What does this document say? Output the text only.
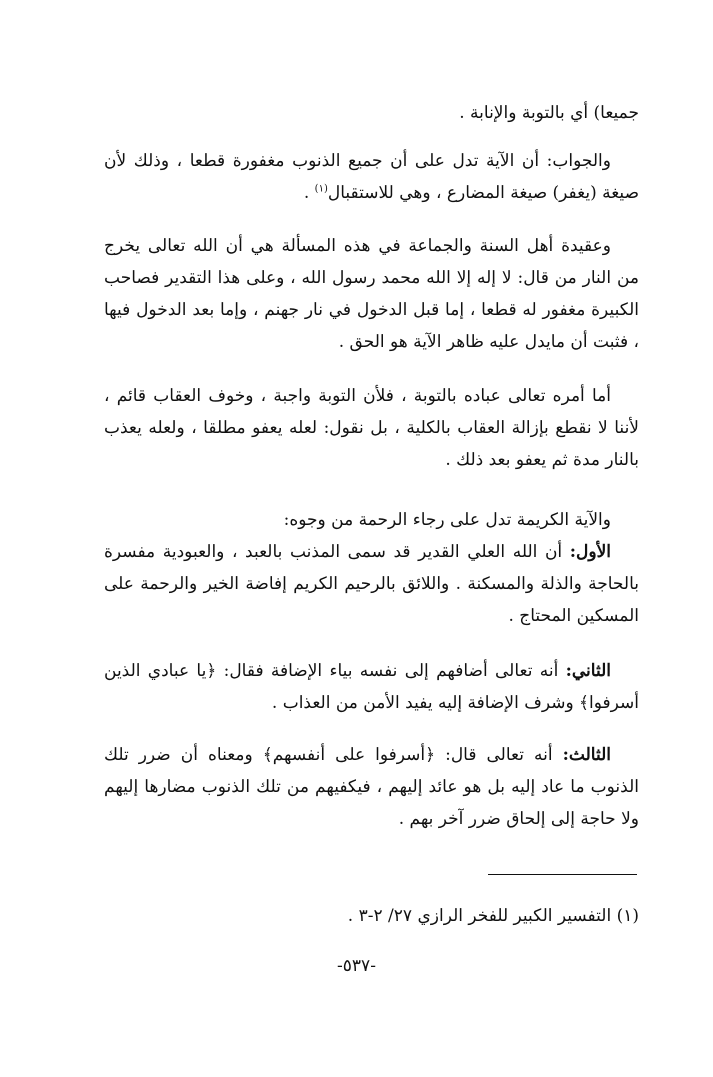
جميعا) أي بالتوبة والإنابة .

والجواب: أن الآية تدل على أن جميع الذنوب مغفورة قطعا ، وذلك لأن صيغة (يغفر) صيغة المضارع ، وهي للاستقبال$^{(١)}$ .

وعقيدة أهل السنة والجماعة في هذه المسألة هي أن الله تعالى يخرج من النار من قال: لا إله إلا الله محمد رسول الله ، وعلى هذا التقدير فصاحب الكبيرة مغفور له قطعا ، إما قبل الدخول في نار جهنم ، وإما بعد الدخول فيها ، فثبت أن مايدل عليه ظاهر الآية هو الحق .

أما أمره تعالى عباده بالتوبة ، فلأن التوبة واجبة ، وخوف العقاب قائم ، لأننا لا نقطع بإزالة العقاب بالكلية ، بل نقول: لعله يعفو مطلقا ، ولعله يعذب بالنار مدة ثم يعفو بعد ذلك .

والآية الكريمة تدل على رجاء الرحمة من وجوه:

الأول: أن الله العلي القدير قد سمى المذنب بالعبد ، والعبودية مفسرة بالحاجة والذلة والمسكنة . واللائق بالرحيم الكريم إفاضة الخير والرحمة على المسكين المحتاج .

الثاني: أنه تعالى أضافهم إلى نفسه بياء الإضافة فقال: ﴿يا عبادي الذين أسرفوا﴾ وشرف الإضافة إليه يفيد الأمن من العذاب .

الثالث: أنه تعالى قال: ﴿أسرفوا على أنفسهم﴾ ومعناه أن ضرر تلك الذنوب ما عاد إليه بل هو عائد إليهم ، فيكفيهم من تلك الذنوب مضارها إليهم ولا حاجة إلى إلحاق ضرر آخر بهم .

(١) التفسير الكبير للفخر الرازي ٢٧/ ٢-٣ .

-٥٣٧-
